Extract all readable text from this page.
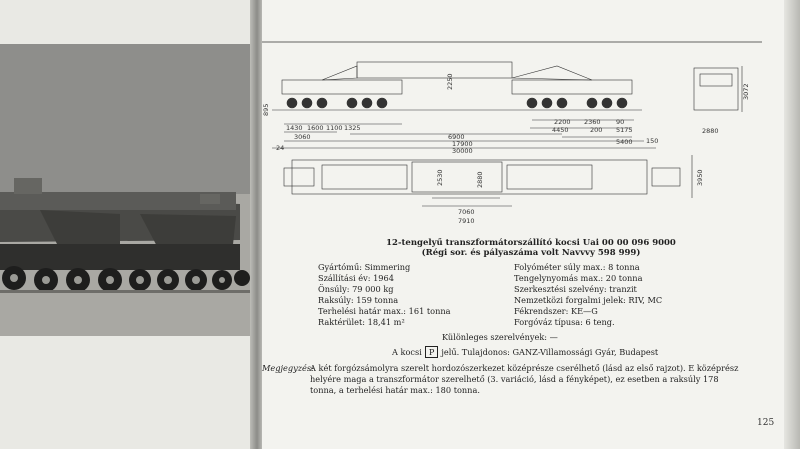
1430 1600 1100 1325
3060	6900
17900
30000
2200 2360 90
4450	200 5175
5400 150
2250
2880
3072
895
2530	2880	3950
7060
7910
24
12-tengelyű transzformátorszállító kocsi Uai 00 00 096 9000
(Régi sor. és pályaszáma volt Navvvy 598 999)
Gyártómű: Simmering
Szállítási év: 1964
Önsúly: 79 000 kg
Raksúly: 159 tonna
Terhelési határ max.: 161 tonna
Raktérület: 18,41 m²
Folyóméter súly max.: 8 tonna
Tengelynyomás max.: 20 tonna
Szerkesztési szelvény: tranzit
Nemzetközi forgalmi jelek: RIV, MC
Fékrendszer: KE—G
Forgóváz típusa: 6 teng.
Különleges szerelvények: —
A kocsi P jelű. Tulajdonos: GANZ-Villamossági Gyár, Budapest
Megjegyzés:
A két forgózsámolyra szerelt hordozószerkezet középrésze cserélhető (lásd az első rajzot). E középrész helyére maga a transzformátor szerelhető (3. variáció, lásd a fényképet), ez esetben a raksúly 178 tonna, a terhelési határ max.: 180 tonna.
125
